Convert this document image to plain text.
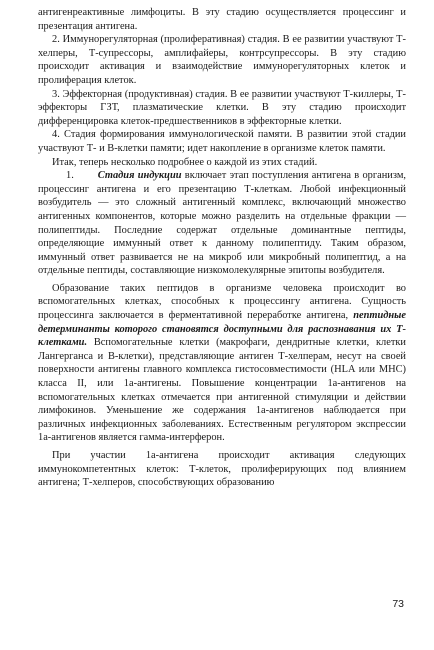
антигенреактивные лимфоциты. В эту стадию осуществляется процессинг и презентация антигена.

2. Иммунорегуляторная (пролиферативная) стадия. В ее развитии участвуют Т-хелперы, Т-супрессоры, амплифайеры, контрсупрессоры. В эту стадию происходит активация и взаимодействие иммунорегуляторных клеток и пролиферация клеток.

3. Эффекторная (продуктивная) стадия. В ее развитии участвуют Т-киллеры, Т-эффекторы ГЗТ, плазматические клетки. В эту стадию происходит дифференцировка клеток-предшественников в эффекторные клетки.

4. Стадия формирования иммунологической памяти. В развитии этой стадии участвуют Т- и В-клетки памяти; идет накопление в организме клеток памяти.

Итак, теперь несколько подробнее о каждой из этих стадий.

1. Стадия индукции включает этап поступления антигена в организм, процессинг антигена и его презентацию Т-клеткам. Любой инфекционный возбудитель — это сложный антигенный комплекс, включающий множество антигенных компонентов, которые можно разделить на отдельные фракции — полипептиды. Последние содержат отдельные доминантные пептиды, определяющие иммунный ответ к данному полипептиду. Таким образом, иммунный ответ развивается не на микроб или микробный полипептид, а на отдельные пептиды, составляющие низкомолекулярные эпитопы возбудителя.

Образование таких пептидов в организме человека происходит во вспомогательных клетках, способных к процессингу антигена. Сущность процессинга заключается в ферментативной переработке антигена, пептидные детерминанты которого становятся доступными для распознавания их Т-клетками. Вспомогательные клетки (макрофаги, дендритные клетки, клетки Лангерганса и В-клетки), представляющие антиген Т-хелперам, несут на своей поверхности антигены главного комплекса гистосовместимости (HLA или MHC) класса II, или 1а-антигены. Повышение концентрации 1а-антигенов на вспомогательных клетках отмечается при антигенной стимуляции и действии лимфокинов. Уменьшение же содержания 1а-антигенов наблюдается при различных инфекционных заболеваниях. Естественным регулятором экспрессии 1а-антигенов является гамма-интерферон.

При участии 1а-антигена происходит активация следующих иммунокомпетентных клеток: Т-клеток, пролиферирующих под влиянием антигена; Т-хелперов, способствующих образованию

73
